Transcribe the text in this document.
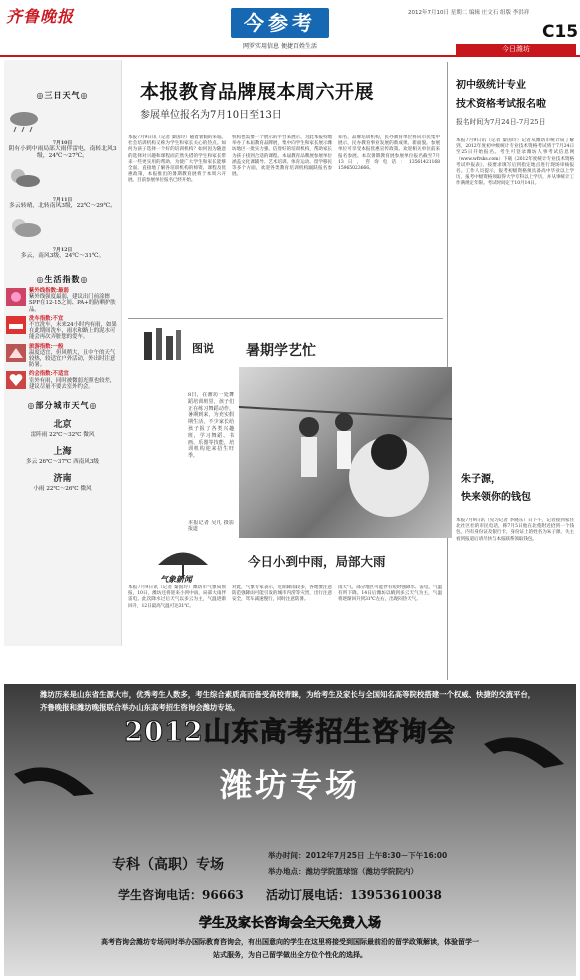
齐鲁晚报	今参考
网罗实用信息 便捷百姓生活
2012年7月10日 星期二 编辑 庄文石 组版 李洪祥
C15
今日潍坊
◎ 三日天气 ◎
7月10日
阴有小到中雨局部大雨伴雷电，南转北风3级，24℃～27℃。
7月11日
多云转晴，北转南风3级，22℃～29℃。
7月12日
多云，南风3级，24℃～31℃。
◎ 生活指数 ◎
紫外线指数:最弱
紫外线强度最弱，建议出门前涂擦SPF在12-15之间、PA+的防晒护肤品。
洗车指数:不宜
不宜洗车，未来24小时内有雨，如果在此期间洗车，雨水和路上的泥水可能会再次弄脏您的爱车。
旅游指数:一般
温度适宜，但风稍大，且中午的天气较热，较适宜户外活动，外出时注意防暑。
约会指数:不适宜
室外有雨，同时被微弱光照也较差，建议尽量不要去室外约会。
◎ 部分城市天气 ◎
北京
雷阵雨 22℃～32℃ 微风
上海
多云 26℃～37℃ 西南风3级
济南
小雨 22℃～26℃ 微风
本报教育品牌展本周六开展
参展单位报名为7月10日至13日
本报7月9日讯（记者 秦国玲）随着暑假的来临，社会培训机构又称为学生和家长关心的热点。如何为孩子选择一个好的培训机构？如何因为随意的选择对兴趣和课程而茫然失措的学生和家长带来一些更实用的帮助，为使广大学生和家长能够全面、直接地了解各培训机构的师资、课程及优惠政策，本报推出的暑期教育展将于本周六开展。目前参展单位报名已经开始。
机构也需要一个展示的平台来展示，为此本报特地举办了本届教育品牌展，集中向学生和家长展示潍坊地区一批实力强、信誉好的培训机构，帮助家长为孩子找到合适的课程。本届教育品牌展参展单位涵盖文化课辅导、艺术培训、体育运动、留学移民等多个方面，欢迎各类教育培训机构踊跃报名参展。
知名、品牌培训机构，民办教育单位将向市民集中展示，民办教育事业发展的新成果、新面貌。参展单位可享受本报优惠宣传政策。欢迎相关单位前来报名参展。本次暑期教育展参展单位报名截至7月13日，咨询电话：13561421168 15965023666。
初中级统计专业
技术资格考试报名啦
报名时间为7月24日-7月25日
本报7月9日讯（记者 秦国玲）记者从潍坊市统计局了解到，2012年度初中级统计专业技术资格考试将于7月24日至25日开始报名。考生可登录潍坊人事考试信息网（www.wfrsks.com）下载《2012年度统计专业技术资格考试申报表》，按要求填写后到指定地点进行现场审核报名。工作人员提示，报考初级资格须具备高中毕业以上学历，报考中级资格须取得大学专科以上学历，并从事统计工作满规定年限。考试时间定于10月14日。
朱子源，
快来领你的钱包
本报7月9日讯（见习记者 李晓东）日下午，记者接到家住北社区社的市民电话，称7月5日他在北苑附近拾到一个钱包，内有身份证及银行卡，身份证上的姓名为朱子源，失主看到报道后请尽快与本报联系领取钱包。
图说 暑期学艺忙
8日，在潍坊一处舞蹈培训班里，孩子们正在练习舞蹈动作。暑期到来，为充实假期生活，不少家长给孩子报了各类兴趣班，学习舞蹈、书画、乐器等技能，培训机构迎来招生旺季。
本报记者 吴凡 摄影报道
气象新闻
今日小到中雨，局部大雨
本报7月9日讯（记者 秦国玲）潍坊市气象局预报，10日，潍坊还将迎来小到中雨，局部大雨伴雷电。此次降水过后天气以多云为主，气温逐渐回升，12日最高气温可达31℃。
对此，气象专家表示，近期降雨较多，各地要注意防范强降雨可能引发的城市内涝等灾害，出行注意安全，驾车减速慢行，同时注意防暑。
雨天气。部分地区可能伴有短时强降水、雷电，气温有所下降。14日后潍坊以晴到多云天气为主，气温将逐渐回升到31℃左右，出现闷热天气。
潍坊历来是山东省生源大市，优秀考生人数多，考生综合素质高而备受高校青睐，为给考生及家长与全国知名高等院校搭建一个权威、快捷的交流平台，齐鲁晚报和潍坊晚报联合举办山东高考招生咨询会潍坊专场。
2012山东高考招生咨询会
潍坊专场
专科（高职）专场
举办时间：2012年7月25日 上午8:30－下午16:00
举办地点：潍坊学院篮球馆（潍坊学院院内）
学生咨询电话：96663 活动订展电话：13953610038
学生及家长咨询会全天免费入场
高考咨询会潍坊专场同时举办国际教育咨询会，有出国意向的学生在这里将接受到国际最前沿的留学政策解读，体验留学一站式服务，为自己留学做出全方位个性化的选择。
